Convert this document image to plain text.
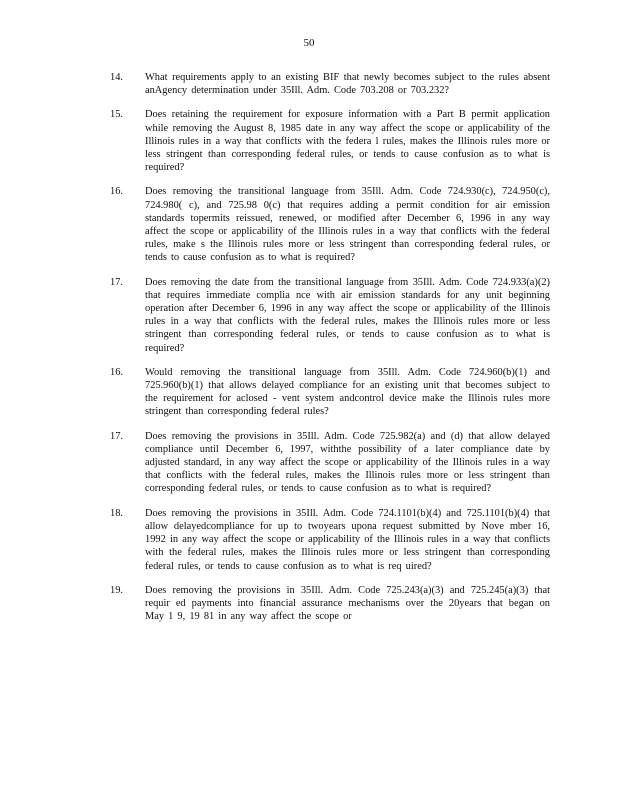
50
14.	What requirements apply to an existing BIF that newly becomes subject to the rules absent anAgency determination under 35Ill. Adm. Code 703.208 or 703.232?
15.	Does retaining the requirement for exposure information with a Part B permit application while removing the August 8, 1985 date in any way affect the scope or applicability of the Illinois rules in a way that conflicts with the federa l rules, makes the Illinois rules more or less stringent than corresponding federal rules, or tends to cause confusion as to what is required?
16.	Does removing the transitional language from 35Ill. Adm. Code 724.930(c), 724.950(c), 724.980( c), and 725.98 0(c) that requires adding a permit condition for air emission standards topermits reissued, renewed, or modified after December 6, 1996 in any way affect the scope or applicability of the Illinois rules in a way that conflicts with the federal rules, make s the Illinois rules more or less stringent than corresponding federal rules, or tends to cause confusion as to what is required?
17.	Does removing the date from the transitional language from 35Ill. Adm. Code 724.933(a)(2) that requires immediate complia nce with air emission standards for any unit beginning operation after December 6, 1996 in any way affect the scope or applicability of the Illinois rules in a way that conflicts with the federal rules, makes the Illinois rules more or less stringent than corresponding federal rules, or tends to cause confusion as to what is required?
16.	Would removing the transitional language from 35Ill. Adm. Code 724.960(b)(1) and 725.960(b)(1) that allows delayed compliance for an existing unit that becomes subject to the requirement for aclosed - vent system andcontrol device make the Illinois rules more stringent than corresponding federal rules?
17.	Does removing the provisions in 35Ill. Adm. Code 725.982(a) and (d) that allow delayed compliance until December 6, 1997, withthe possibility of a later compliance date by adjusted standard, in any way affect the scope or applicability of the Illinois rules in a way that conflicts with the federal rules, makes the Illinois rules more or less stringent than corresponding federal rules, or tends to cause confusion as to what is required?
18.	Does removing the provisions in 35Ill. Adm. Code 724.1101(b)(4) and 725.1101(b)(4) that allow delayedcompliance for up to twoyears upona request submitted by Nove mber 16, 1992 in any way affect the scope or applicability of the Illinois rules in a way that conflicts with the federal rules, makes the Illinois rules more or less stringent than corresponding federal rules, or tends to cause confusion as to what is req uired?
19.	Does removing the provisions in 35Ill. Adm. Code 725.243(a)(3) and 725.245(a)(3) that requir ed payments into financial assurance mechanisms over the 20years that began on May 1 9, 19 81 in any way affect the scope or
